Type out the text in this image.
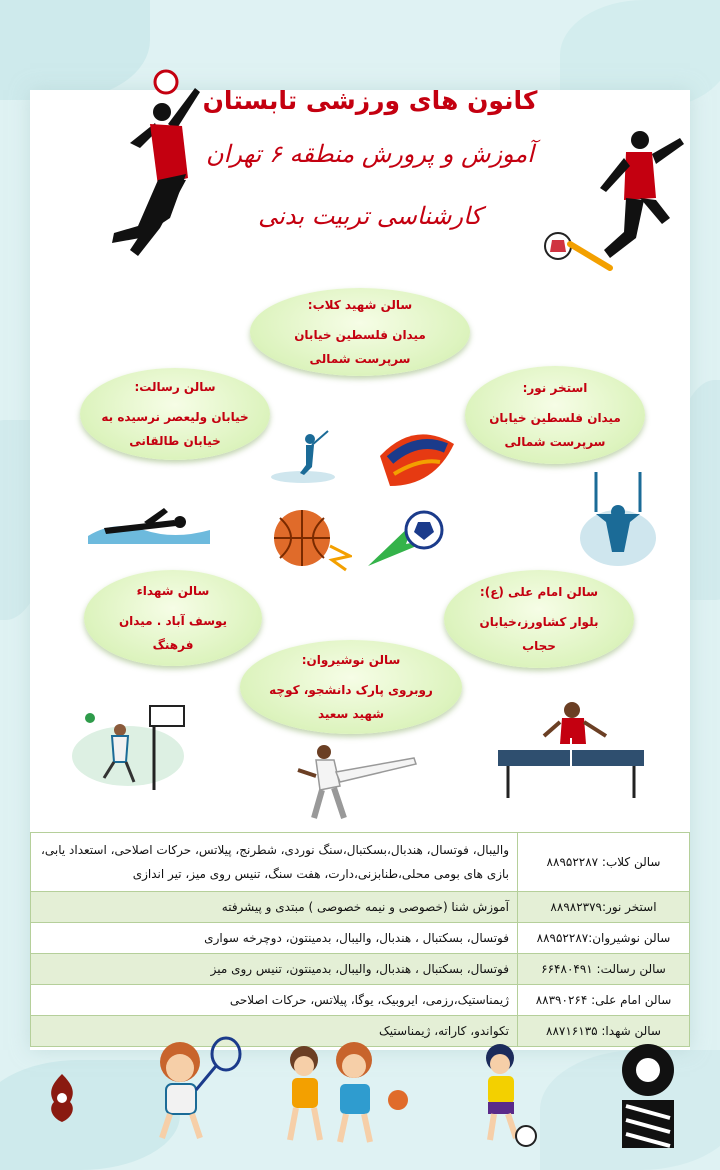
کانون های ورزشی تابستان
آموزش و پرورش منطقه ۶ تهران
کارشناسی تربیت بدنی
سالن شهید کلاب:
میدان فلسطین خیابان
سرپرست شمالی
سالن رسالت:
خیابان ولیعصر نرسیده به
خیابان طالقانی
استخر نور:
میدان فلسطین خیابان
سرپرست شمالی
سالن شهداء
یوسف آباد . میدان
فرهنگ
سالن امام علی (ع):
بلوار کشاورز،خیابان
حجاب
سالن نوشیروان:
روبروی پارک دانشجو، کوچه
شهید سعید
سالن کلاب: ۸۸۹۵۲۲۸۷	والیبال، فوتسال، هندبال،بسکتبال،سنگ نوردی، شطرنج، پیلاتس، حرکات اصلاحی، استعداد یابی، بازی های بومی محلی،طنابزنی،دارت، هفت سنگ، تنیس روی میز، تیر اندازی
استخر نور:۸۸۹۸۲۳۷۹	آموزش شنا (خصوصی و نیمه خصوصی ) مبتدی و پیشرفته
سالن نوشیروان:۸۸۹۵۲۲۸۷	فوتسال، بسکتبال ، هندبال، والیبال، بدمینتون، دوچرخه سواری
سالن رسالت: ۶۶۴۸۰۴۹۱	فوتسال، بسکتبال ، هندبال، والیبال، بدمینتون، تنیس روی میز
سالن امام علی: ۸۸۳۹۰۲۶۴	ژیمناستیک،رزمی، ایروبیک، یوگا، پیلاتس، حرکات اصلاحی
سالن شهدا: ۸۸۷۱۶۱۳۵	تکواندو، کاراته، ژیمناستیک
